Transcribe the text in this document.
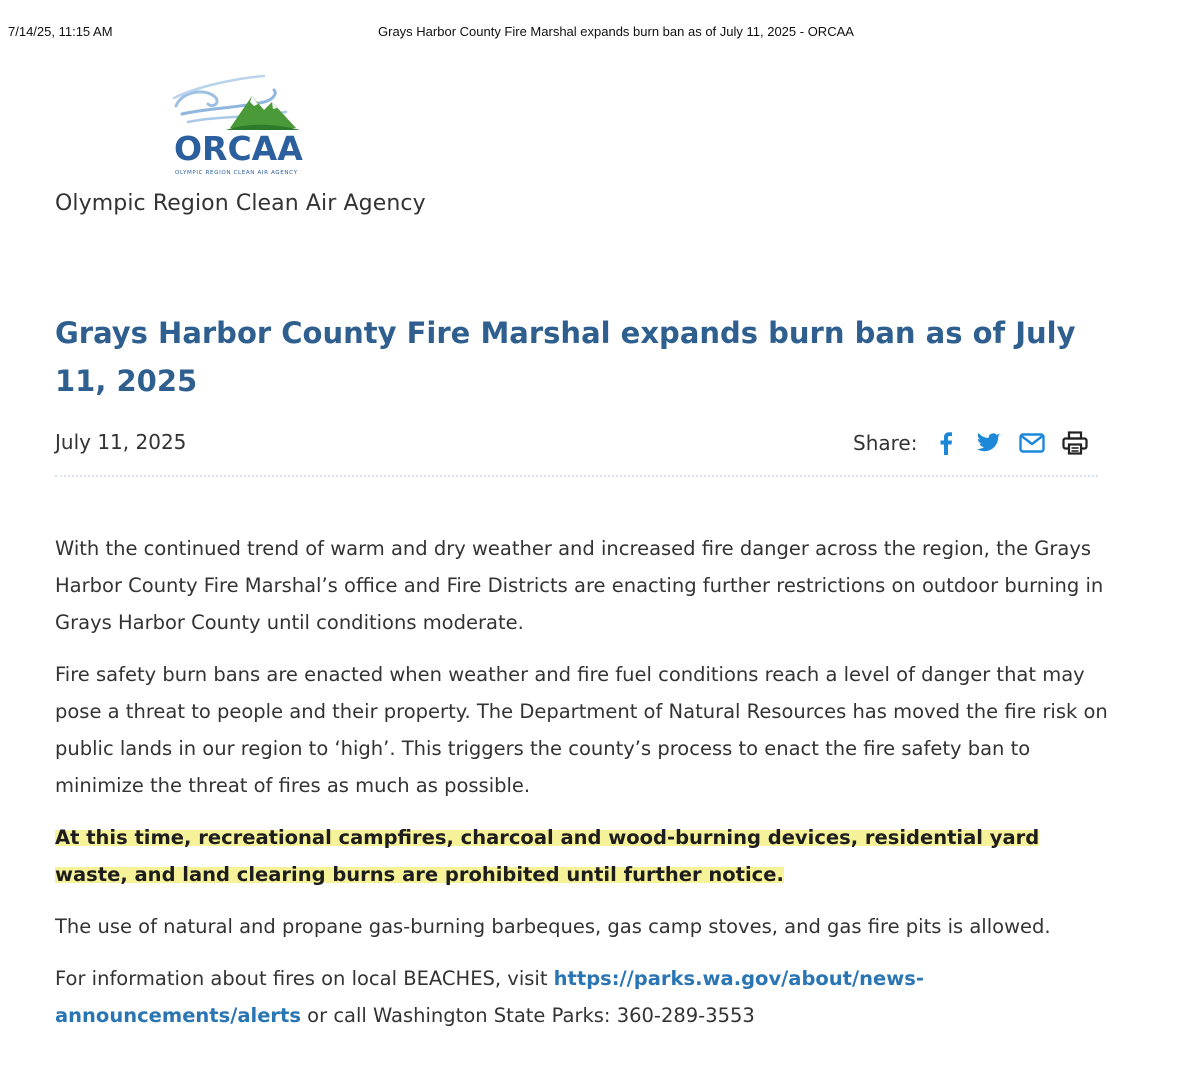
7/14/25, 11:15 AM	Grays Harbor County Fire Marshal expands burn ban as of July 11, 2025 - ORCAA
ORCAA
OLYMPIC REGION CLEAN AIR AGENCY
Olympic Region Clean Air Agency
Grays Harbor County Fire Marshal expands burn ban as of July 11, 2025
July 11, 2025	Share:

With the continued trend of warm and dry weather and increased fire danger across the region, the Grays Harbor County Fire Marshal’s office and Fire Districts are enacting further restrictions on outdoor burning in Grays Harbor County until conditions moderate.

Fire safety burn bans are enacted when weather and fire fuel conditions reach a level of danger that may pose a threat to people and their property. The Department of Natural Resources has moved the fire risk on public lands in our region to ‘high’. This triggers the county’s process to enact the fire safety ban to minimize the threat of fires as much as possible.

At this time, recreational campfires, charcoal and wood-burning devices, residential yard waste, and land clearing burns are prohibited until further notice.

The use of natural and propane gas-burning barbeques, gas camp stoves, and gas fire pits is allowed.

For information about fires on local BEACHES, visit https://parks.wa.gov/about/news-announcements/alerts or call Washington State Parks: 360-289-3553
